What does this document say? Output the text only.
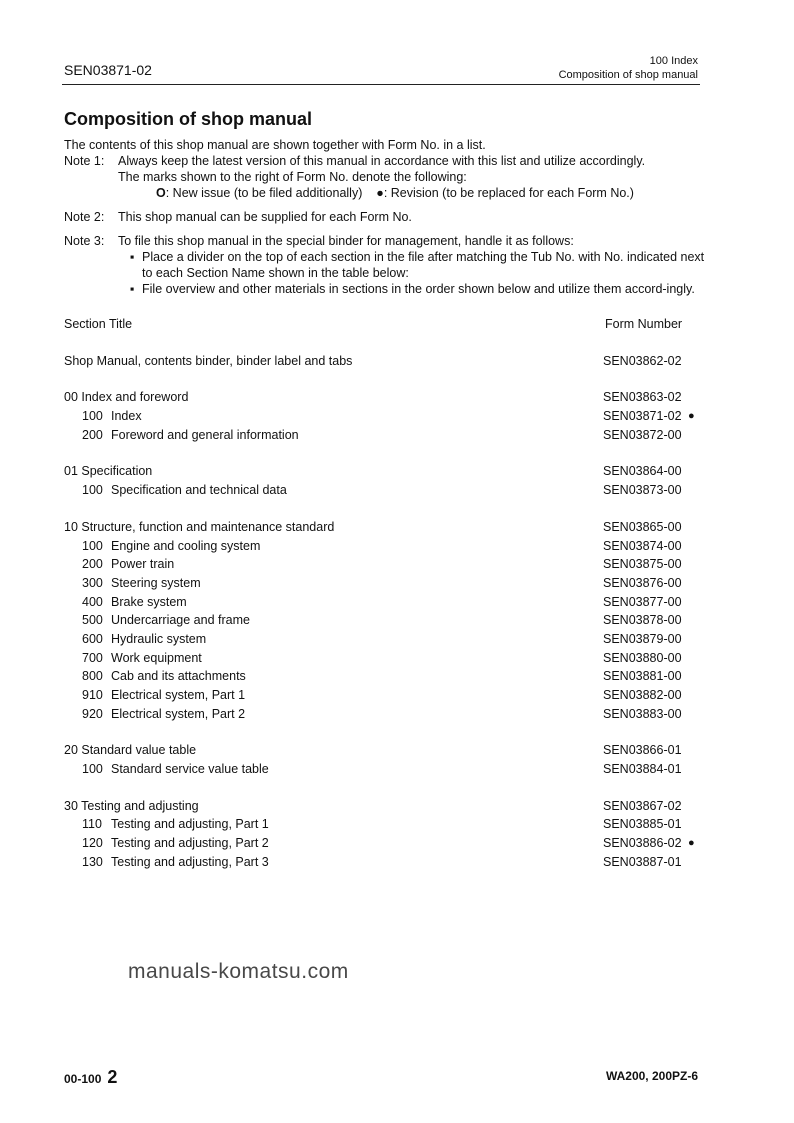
SEN03871-02
100 Index
Composition of shop manual
Composition of shop manual
The contents of this shop manual are shown together with Form No. in a list.
Note 1:	Always keep the latest version of this manual in accordance with this list and utilize accordingly.
The marks shown to the right of Form No. denote the following:
O: New issue (to be filed additionally) ●: Revision (to be replaced for each Form No.)
Note 2:	This shop manual can be supplied for each Form No.
Note 3:	To file this shop manual in the special binder for management, handle it as follows:
▪ Place a divider on the top of each section in the file after matching the Tub No. with No. indicated next to each Section Name shown in the table below:
▪ File overview and other materials in sections in the order shown below and utilize them accord-ingly.
Section Title	Form Number
Shop Manual, contents binder, binder label and tabs	SEN03862-02
00 Index and foreword	SEN03863-02
100 Index	SEN03871-02 ●
200 Foreword and general information	SEN03872-00
01 Specification	SEN03864-00
100 Specification and technical data	SEN03873-00
10 Structure, function and maintenance standard	SEN03865-00
100 Engine and cooling system	SEN03874-00
200 Power train	SEN03875-00
300 Steering system	SEN03876-00
400 Brake system	SEN03877-00
500 Undercarriage and frame	SEN03878-00
600 Hydraulic system	SEN03879-00
700 Work equipment	SEN03880-00
800 Cab and its attachments	SEN03881-00
910 Electrical system, Part 1	SEN03882-00
920 Electrical system, Part 2	SEN03883-00
20 Standard value table	SEN03866-01
100 Standard service value table	SEN03884-01
30 Testing and adjusting	SEN03867-02
110 Testing and adjusting, Part 1	SEN03885-01
120 Testing and adjusting, Part 2	SEN03886-02 ●
130 Testing and adjusting, Part 3	SEN03887-01
manuals-komatsu.com
00-100 2	WA200, 200PZ-6
